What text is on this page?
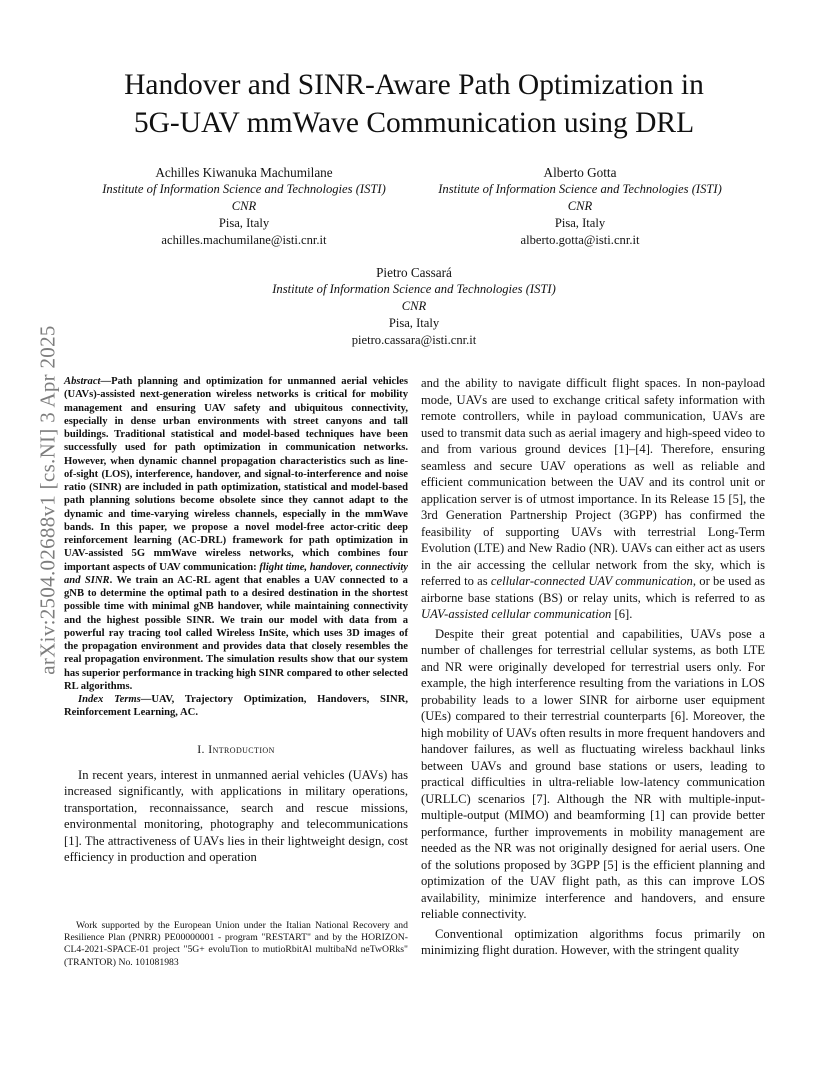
arXiv:2504.02688v1 [cs.NI] 3 Apr 2025
Handover and SINR-Aware Path Optimization in
5G-UAV mmWave Communication using DRL
Achilles Kiwanuka Machumilane
Institute of Information Science and Technologies (ISTI)
CNR
Pisa, Italy
achilles.machumilane@isti.cnr.it
Alberto Gotta
Institute of Information Science and Technologies (ISTI)
CNR
Pisa, Italy
alberto.gotta@isti.cnr.it
Pietro Cassará
Institute of Information Science and Technologies (ISTI)
CNR
Pisa, Italy
pietro.cassara@isti.cnr.it

Abstract—Path planning and optimization for unmanned aerial vehicles (UAVs)-assisted next-generation wireless networks is critical for mobility management and ensuring UAV safety and ubiquitous connectivity, especially in dense urban environments with street canyons and tall buildings. Traditional statistical and model-based techniques have been successfully used for path optimization in communication networks. However, when dynamic channel propagation characteristics such as line-of-sight (LOS), interference, handover, and signal-to-interference and noise ratio (SINR) are included in path optimization, statistical and model-based path planning solutions become obsolete since they cannot adapt to the dynamic and time-varying wireless channels, especially in the mmWave bands. In this paper, we propose a novel model-free actor-critic deep reinforcement learning (AC-DRL) framework for path optimization in UAV-assisted 5G mmWave wireless networks, which combines four important aspects of UAV communication: flight time, handover, connectivity and SINR. We train an AC-RL agent that enables a UAV connected to a gNB to determine the optimal path to a desired destination in the shortest possible time with minimal gNB handover, while maintaining connectivity and the highest possible SINR. We train our model with data from a powerful ray tracing tool called Wireless InSite, which uses 3D images of the propagation environment and provides data that closely resembles the real propagation environment. The simulation results show that our system has superior performance in tracking high SINR compared to other selected RL algorithms.

Index Terms—UAV, Trajectory Optimization, Handovers, SINR, Reinforcement Learning, AC.

I. Introduction

In recent years, interest in unmanned aerial vehicles (UAVs) has increased significantly, with applications in military operations, transportation, reconnaissance, search and rescue missions, environmental monitoring, photography and telecommunications [1]. The attractiveness of UAVs lies in their lightweight design, cost efficiency in production and operation

Work supported by the European Union under the Italian National Recovery and Resilience Plan (PNRR) PE00000001 - program "RESTART" and by the HORIZON-CL4-2021-SPACE-01 project "5G+ evoluTion to mutioRbitAl multibaNd neTwORks" (TRANTOR) No. 101081983

and the ability to navigate difficult flight spaces. In non-payload mode, UAVs are used to exchange critical safety information with remote controllers, while in payload communication, UAVs are used to transmit data such as aerial imagery and high-speed video to and from various ground devices [1]–[4]. Therefore, ensuring seamless and secure UAV operations as well as reliable and efficient communication between the UAV and its control unit or application server is of utmost importance. In its Release 15 [5], the 3rd Generation Partnership Project (3GPP) has confirmed the feasibility of supporting UAVs with terrestrial Long-Term Evolution (LTE) and New Radio (NR). UAVs can either act as users in the air accessing the cellular network from the sky, which is referred to as cellular-connected UAV communication, or be used as airborne base stations (BS) or relay units, which is referred to as UAV-assisted cellular communication [6].

Despite their great potential and capabilities, UAVs pose a number of challenges for terrestrial cellular systems, as both LTE and NR were originally developed for terrestrial users only. For example, the high interference resulting from the variations in LOS probability leads to a lower SINR for airborne user equipment (UEs) compared to their terrestrial counterparts [6]. Moreover, the high mobility of UAVs often results in more frequent handovers and handover failures, as well as fluctuating wireless backhaul links between UAVs and ground base stations or users, leading to practical difficulties in ultra-reliable low-latency communication (URLLC) scenarios [7]. Although the NR with multiple-input-multiple-output (MIMO) and beamforming [1] can provide better performance, further improvements in mobility management are needed as the NR was not originally designed for aerial users. One of the solutions proposed by 3GPP [5] is the efficient planning and optimization of the UAV flight path, as this can improve LOS availability, minimize interference and handovers, and ensure reliable connectivity.

Conventional optimization algorithms focus primarily on minimizing flight duration. However, with the stringent quality
